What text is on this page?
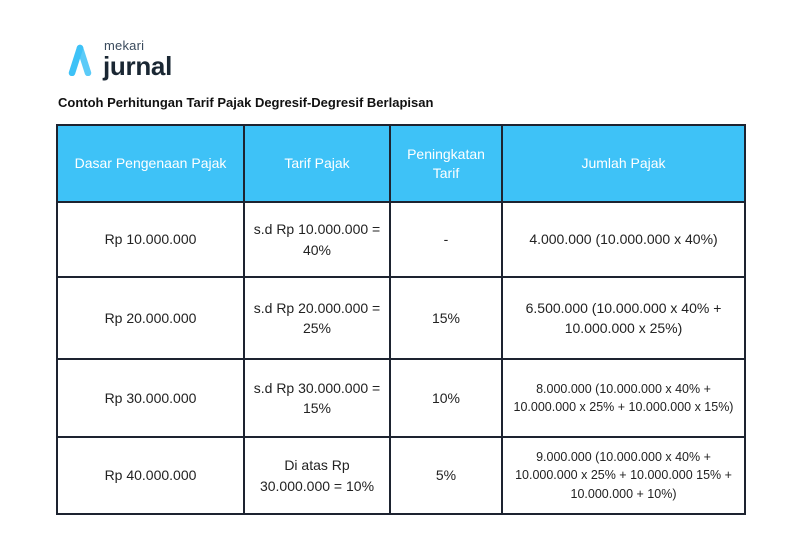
mekari
jurnal
Contoh Perhitungan Tarif Pajak Degresif-Degresif Berlapisan
Dasar Pengenaan Pajak	Tarif Pajak	Peningkatan Tarif	Jumlah Pajak
Rp 10.000.000	s.d Rp 10.000.000 = 40%	-	4.000.000 (10.000.000 x 40%)
Rp 20.000.000	s.d Rp 20.000.000 = 25%	15%	6.500.000 (10.000.000 x 40% + 10.000.000 x 25%)
Rp 30.000.000	s.d Rp 30.000.000 = 15%	10%	8.000.000 (10.000.000 x 40% + 10.000.000 x 25% + 10.000.000 x 15%)
Rp 40.000.000	Di atas Rp 30.000.000 = 10%	5%	9.000.000 (10.000.000 x 40% + 10.000.000 x 25% + 10.000.000 15% + 10.000.000 + 10%)
